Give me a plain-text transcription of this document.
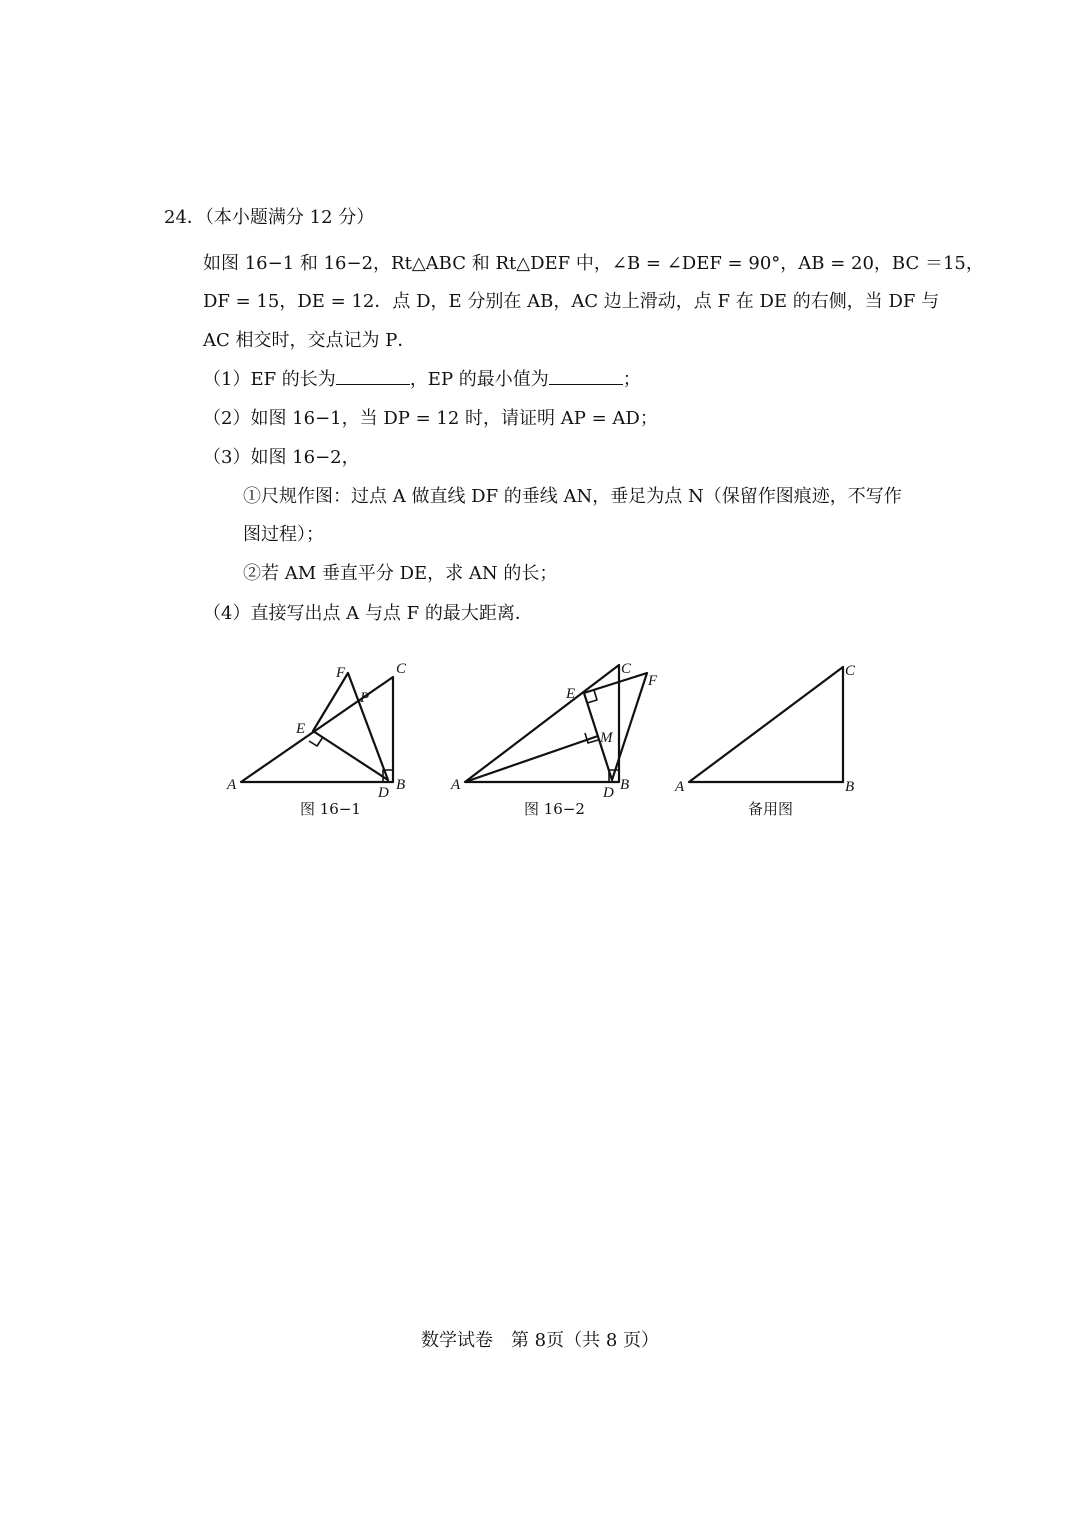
24．（本小题满分 12 分）
如图 16−1 和 16−2，Rt△ABC 和 Rt△DEF 中，∠B = ∠DEF = 90°，AB = 20，BC ＝15，
DF = 15，DE = 12．点 D，E 分别在 AB，AC 边上滑动，点 F 在 DE 的右侧，当 DF 与
AC 相交时，交点记为 P．
（1）EF 的长为	，EP 的最小值为	；
（2）如图 16−1，当 DP = 12 时，请证明 AP = AD；
（3）如图 16−2，
①尺规作图：过点 A 做直线 DF 的垂线 AN，垂足为点 N（保留作图痕迹，不写作
图过程）；
②若 AM 垂直平分 DE，求 AN 的长；
（4）直接写出点 A 与点 F 的最大距离．
A	B
C
D
E
F
P
图 16−1
A	B
C
D
E
F
M
图 16−2
A	B
C
备用图
数学试卷　第 8页（共 8 页）
